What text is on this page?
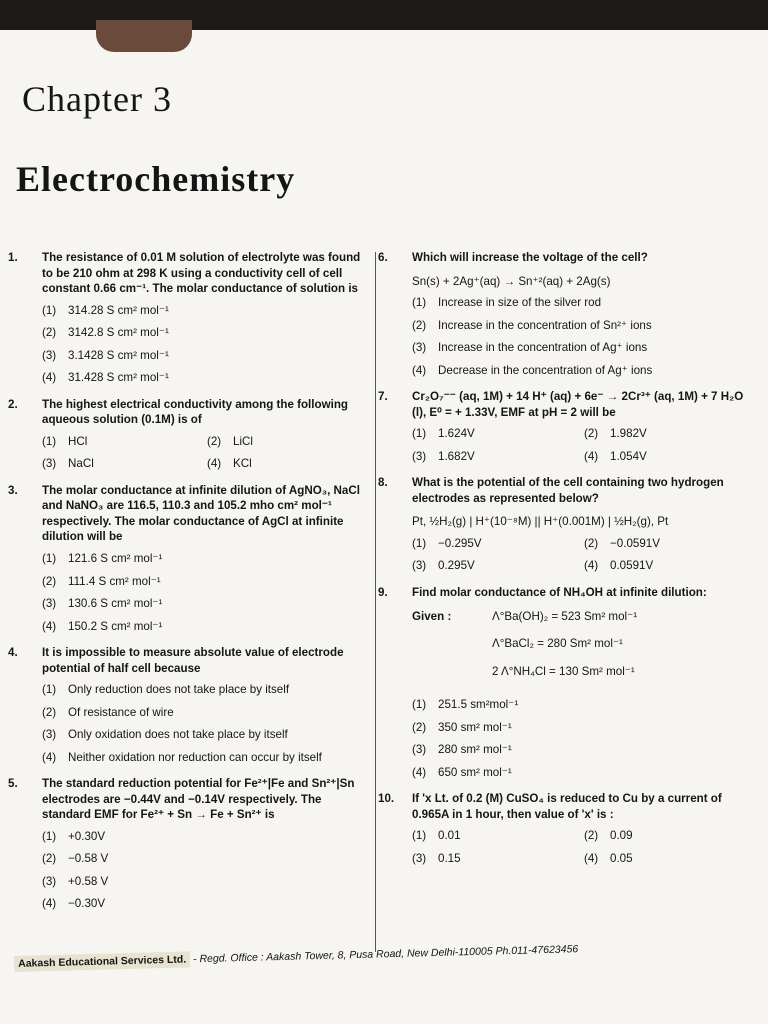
Chapter 3
Electrochemistry
1.	The resistance of 0.01 M solution of electrolyte was found to be 210 ohm at 298 K using a conductivity cell of cell constant 0.66 cm⁻¹. The molar conductance of solution is
(1)	314.28 S cm² mol⁻¹
(2)	3142.8 S cm² mol⁻¹
(3)	3.1428 S cm² mol⁻¹
(4)	31.428 S cm² mol⁻¹
2.	The highest electrical conductivity among the following aqueous solution (0.1M) is of
(1)	HCl	(2)	LiCl
(3)	NaCl	(4)	KCl
3.	The molar conductance at infinite dilution of AgNO₃, NaCl and NaNO₃ are 116.5, 110.3 and 105.2 mho cm² mol⁻¹ respectively. The molar conductance of AgCl at infinite dilution will be
(1)	121.6 S cm² mol⁻¹
(2)	111.4 S cm² mol⁻¹
(3)	130.6 S cm² mol⁻¹
(4)	150.2 S cm² mol⁻¹
4.	It is impossible to measure absolute value of electrode potential of half cell because
(1)	Only reduction does not take place by itself
(2)	Of resistance of wire
(3)	Only oxidation does not take place by itself
(4)	Neither oxidation nor reduction can occur by itself
5.	The standard reduction potential for Fe²⁺|Fe and Sn²⁺|Sn electrodes are −0.44V and −0.14V respectively. The standard EMF for Fe²⁺ + Sn → Fe + Sn²⁺ is
(1)	+0.30V
(2)	−0.58 V
(3)	+0.58 V
(4)	−0.30V
6.	Which will increase the voltage of the cell?
Sn(s) + 2Ag⁺(aq) → Sn⁺²(aq) + 2Ag(s)
(1)	Increase in size of the silver rod
(2)	Increase in the concentration of Sn²⁺ ions
(3)	Increase in the concentration of Ag⁺ ions
(4)	Decrease in the concentration of Ag⁺ ions
7.	Cr₂O₇⁻⁻ (aq, 1M) + 14 H⁺ (aq) + 6e⁻ → 2Cr³⁺ (aq, 1M) + 7 H₂O (l), E⁰ = + 1.33V, EMF at pH = 2 will be
(1)	1.624V	(2)	1.982V
(3)	1.682V	(4)	1.054V
8.	What is the potential of the cell containing two hydrogen electrodes as represented below?
Pt, ½H₂(g) | H⁺(10⁻⁸M) || H⁺(0.001M) | ½H₂(g), Pt
(1)	−0.295V	(2)	−0.0591V
(3)	0.295V	(4)	0.0591V
9.	Find molar conductance of NH₄OH at infinite dilution:
Given :	Λ°Ba(OH)₂ = 523 Sm² mol⁻¹
Λ°BaCl₂ = 280 Sm² mol⁻¹
2 Λ°NH₄Cl = 130 Sm² mol⁻¹
(1)	251.5 sm²mol⁻¹
(2)	350 sm² mol⁻¹
(3)	280 sm² mol⁻¹
(4)	650 sm² mol⁻¹
10.	If 'x Lt. of 0.2 (M) CuSO₄ is reduced to Cu by a current of 0.965A in 1 hour, then value of 'x' is :
(1)	0.01	(2)	0.09
(3)	0.15	(4)	0.05
Aakash Educational Services Ltd. - Regd. Office : Aakash Tower, 8, Pusa Road, New Delhi-110005 Ph.011-47623456
